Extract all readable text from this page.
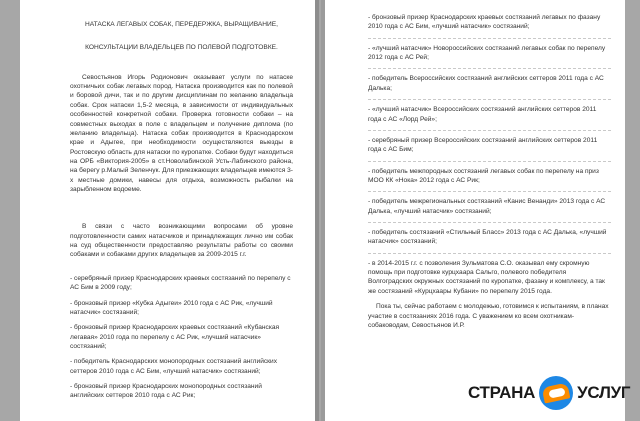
НАТАСКА ЛЕГАВЫХ СОБАК, ПЕРЕДЕРЖКА, ВЫРАЩИВАНИЕ,
КОНСУЛЬТАЦИИ ВЛАДЕЛЬЦЕВ ПО ПОЛЕВОЙ ПОДГОТОВКЕ.

Севостьянов Игорь Родионович оказывает услуги по натаске охотничьих собак легавых пород. Натаска производится как по полевой и боровой дичи, так и по другим дисциплинам по желанию владельца собак. Срок натаски 1,5-2 месяца, в зависимости от индивидуальных особенностей конкретной собаки. Проверка готовности собаки – на совместных выходах в поле с владельцем и получение диплома (по желанию владельца). Натаска собак производится в Краснодарском крае и Адыгее, при необходимости осуществляются выезды в Ростовскую область для натаски по куропатке. Собаки будут находиться на ОРБ «Виктория-2005» в ст.Новолабинской Усть-Лабинского района, на берегу р.Малый Зеленчук. Для приезжающих владельцев имеются 3-х местные домики, навесы для отдыха, возможность рыбалки на зарыбленном водоеме.

В связи с часто возникающими вопросами об уровне подготовленности самих натасчиков и принадлежащих лично им собак на суд общественности предоставляю результаты работы со своими собаками и собаками других владельцев за 2009-2015 г.г.

- серебряный призер Краснодарских краевых состязаний по перепелу с АС Бим в 2009 году;
- бронзовый призер «Кубка Адыгеи» 2010 года с АС Рик, «лучший натасчик» состязаний;
- бронзовый призер Краснодарских краевых состязаний «Кубанская легавая» 2010 года по перепелу с АС Рик, «лучший натасчик» состязаний;
- победитель Краснодарских монопородных состязаний английских сеттеров 2010 года с АС Бим, «лучший натасчик» состязаний;
- бронзовый призер Краснодарских монопородных состязаний английских сеттеров 2010 года с АС Рик;
- бронзовый призер Краснодарских краевых состязаний легавых по фазану 2010 года с АС Бим, «лучший натасчик» состязаний;
- «лучший натасчик» Новороссийских состязаний легавых собак по перепелу 2012 года с АС Рей;
- победитель Всероссийских состязаний английских сеттеров 2011 года с АС Далька;
- «лучший натасчик» Всероссийских состязаний английских сеттеров 2011 года с АС «Лорд Рей»;
- серебряный призер Всероссийских состязаний английских сеттеров 2011 года с АС Бим;
- победитель межпородных состязаний легавых собак по перепелу на приз МОО КК «Нока» 2012 года с АС Рик;
- победитель межрегиональных состязаний «Канис Венанди» 2013 года с АС Далька, «лучший натасчик» состязаний;
- победитель состязаний «Стильный Бласс» 2013 года с АС Далька, «лучший натасчик» состязаний;
- в 2014-2015 г.г. с позволения Зульматова С.О. оказывал ему скромную помощь при подготовке курцхаара Сальго, полевого победителя Волгоградских окружных состязаний по куропатке, фазану и комплексу, а так же состязаний «Курцхаары Кубани» по перепелу 2015 года.
Пока ты, сейчас работаем с молодежью, готовимся к испытаниям, в планах участие в состязаниях 2016 года. С уважением ко всем охотникам-собаководам, Севостьянов И.Р.
СТРАНА УСЛУГ
